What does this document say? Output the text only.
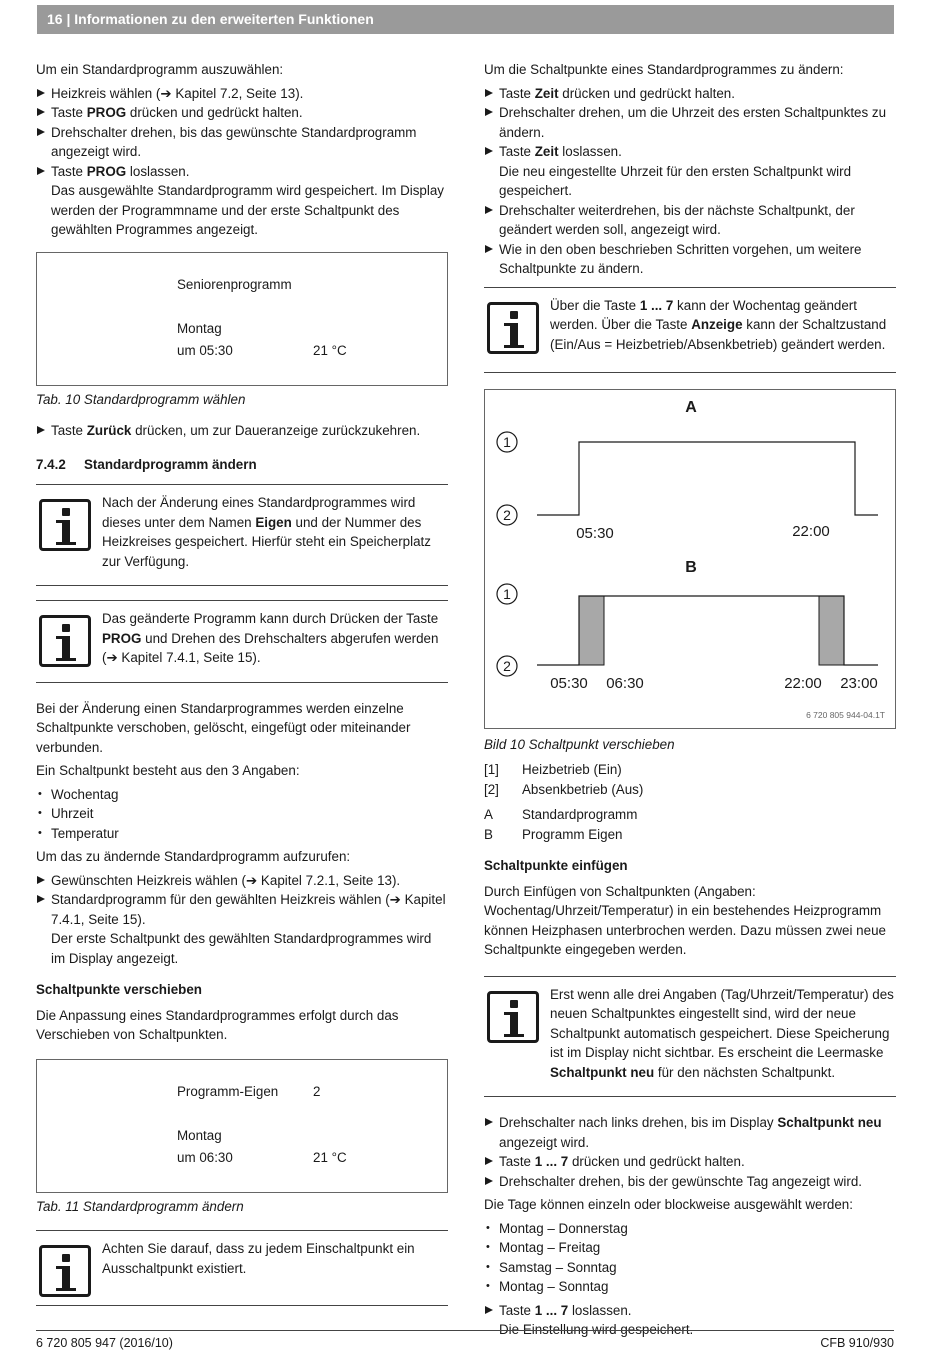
16 | Informationen zu den erweiterten Funktionen

Um ein Standardprogramm auszuwählen:

Heizkreis wählen (➔ Kapitel 7.2, Seite 13).
Taste PROG drücken und gedrückt halten.
Drehschalter drehen, bis das gewünschte Standardprogramm angezeigt wird.
Taste PROG loslassen.
Das ausgewählte Standardprogramm wird gespeichert. Im Display werden der Programmname und der erste Schaltpunkt des gewählten Programmes angezeigt.
Seniorenprogramm
Montag
um 05:30	21 °C

Tab. 10 Standardprogramm wählen

Taste Zurück drücken, um zur Daueranzeige zurückzukehren.
7.4.2 Standardprogramm ändern
Nach der Änderung eines Standardprogrammes wird dieses unter dem Namen Eigen und der Nummer des Heizkreises gespeichert. Hierfür steht ein Speicherplatz zur Verfügung.
Das geänderte Programm kann durch Drücken der Taste PROG und Drehen des Drehschalters abgerufen werden (➔ Kapitel 7.4.1, Seite 15).

Bei der Änderung einen Standarprogrammes werden einzelne Schaltpunkte verschoben, gelöscht, eingefügt oder miteinander verbunden.

Ein Schaltpunkt besteht aus den 3 Angaben:

• Wochentag
• Uhrzeit
• Temperatur

Um das zu ändernde Standardprogramm aufzurufen:

Gewünschten Heizkreis wählen (➔ Kapitel 7.2.1, Seite 13).
Standardprogramm für den gewählten Heizkreis wählen (➔ Kapitel 7.4.1, Seite 15).
Der erste Schaltpunkt des gewählten Standardprogrammes wird im Display angezeigt.
Schaltpunkte verschieben

Die Anpassung eines Standardprogrammes erfolgt durch das Verschieben von Schaltpunkten.

Programm-Eigen	2
Montag
um 06:30	21 °C

Tab. 11 Standardprogramm ändern

Achten Sie darauf, dass zu jedem Einschaltpunkt ein Ausschaltpunkt existiert.

Um die Schaltpunkte eines Standardprogrammes zu ändern:

Taste Zeit drücken und gedrückt halten.
Drehschalter drehen, um die Uhrzeit des ersten Schaltpunktes zu ändern.
Taste Zeit loslassen.
Die neu eingestellte Uhrzeit für den ersten Schaltpunkt wird gespeichert.
Drehschalter weiterdrehen, bis der nächste Schaltpunkt, der geändert werden soll, angezeigt wird.
Wie in den oben beschrieben Schritten vorgehen, um weitere Schaltpunkte zu ändern.
Über die Taste 1 ... 7 kann der Wochentag geändert werden. Über die Taste Anzeige kann der Schaltzustand (Ein/Aus = Heizbetrieb/Absenkbetrieb) geändert werden.
A
1
2
05:30	22:00
B
1
2
05:30 06:30	22:00 23:00
6 720 805 944-04.1T

Bild 10 Schaltpunkt verschieben

[1]	Heizbetrieb (Ein)
[2]	Absenkbetrieb (Aus)
A	Standardprogramm
B	Programm Eigen
Schaltpunkte einfügen

Durch Einfügen von Schaltpunkten (Angaben: Wochentag/Uhrzeit/Temperatur) in ein bestehendes Heizprogramm können Heizphasen unterbrochen werden. Dazu müssen zwei neue Schaltpunkte eingegeben werden.

Erst wenn alle drei Angaben (Tag/Uhrzeit/Temperatur) des neuen Schaltpunktes eingestellt sind, wird der neue Schaltpunkt automatisch gespeichert. Diese Speicherung ist im Display nicht sichtbar. Es erscheint die Leermaske Schaltpunkt neu für den nächsten Schaltpunkt.
Drehschalter nach links drehen, bis im Display Schaltpunkt neu angezeigt wird.
Taste 1 ... 7 drücken und gedrückt halten.
Drehschalter drehen, bis der gewünschte Tag angezeigt wird.

Die Tage können einzeln oder blockweise ausgewählt werden:

• Montag – Donnerstag
• Montag – Freitag
• Samstag – Sonntag
• Montag – Sonntag
Taste 1 ... 7 loslassen.
Die Einstellung wird gespeichert.
6 720 805 947 (2016/10)	CFB 910/930
